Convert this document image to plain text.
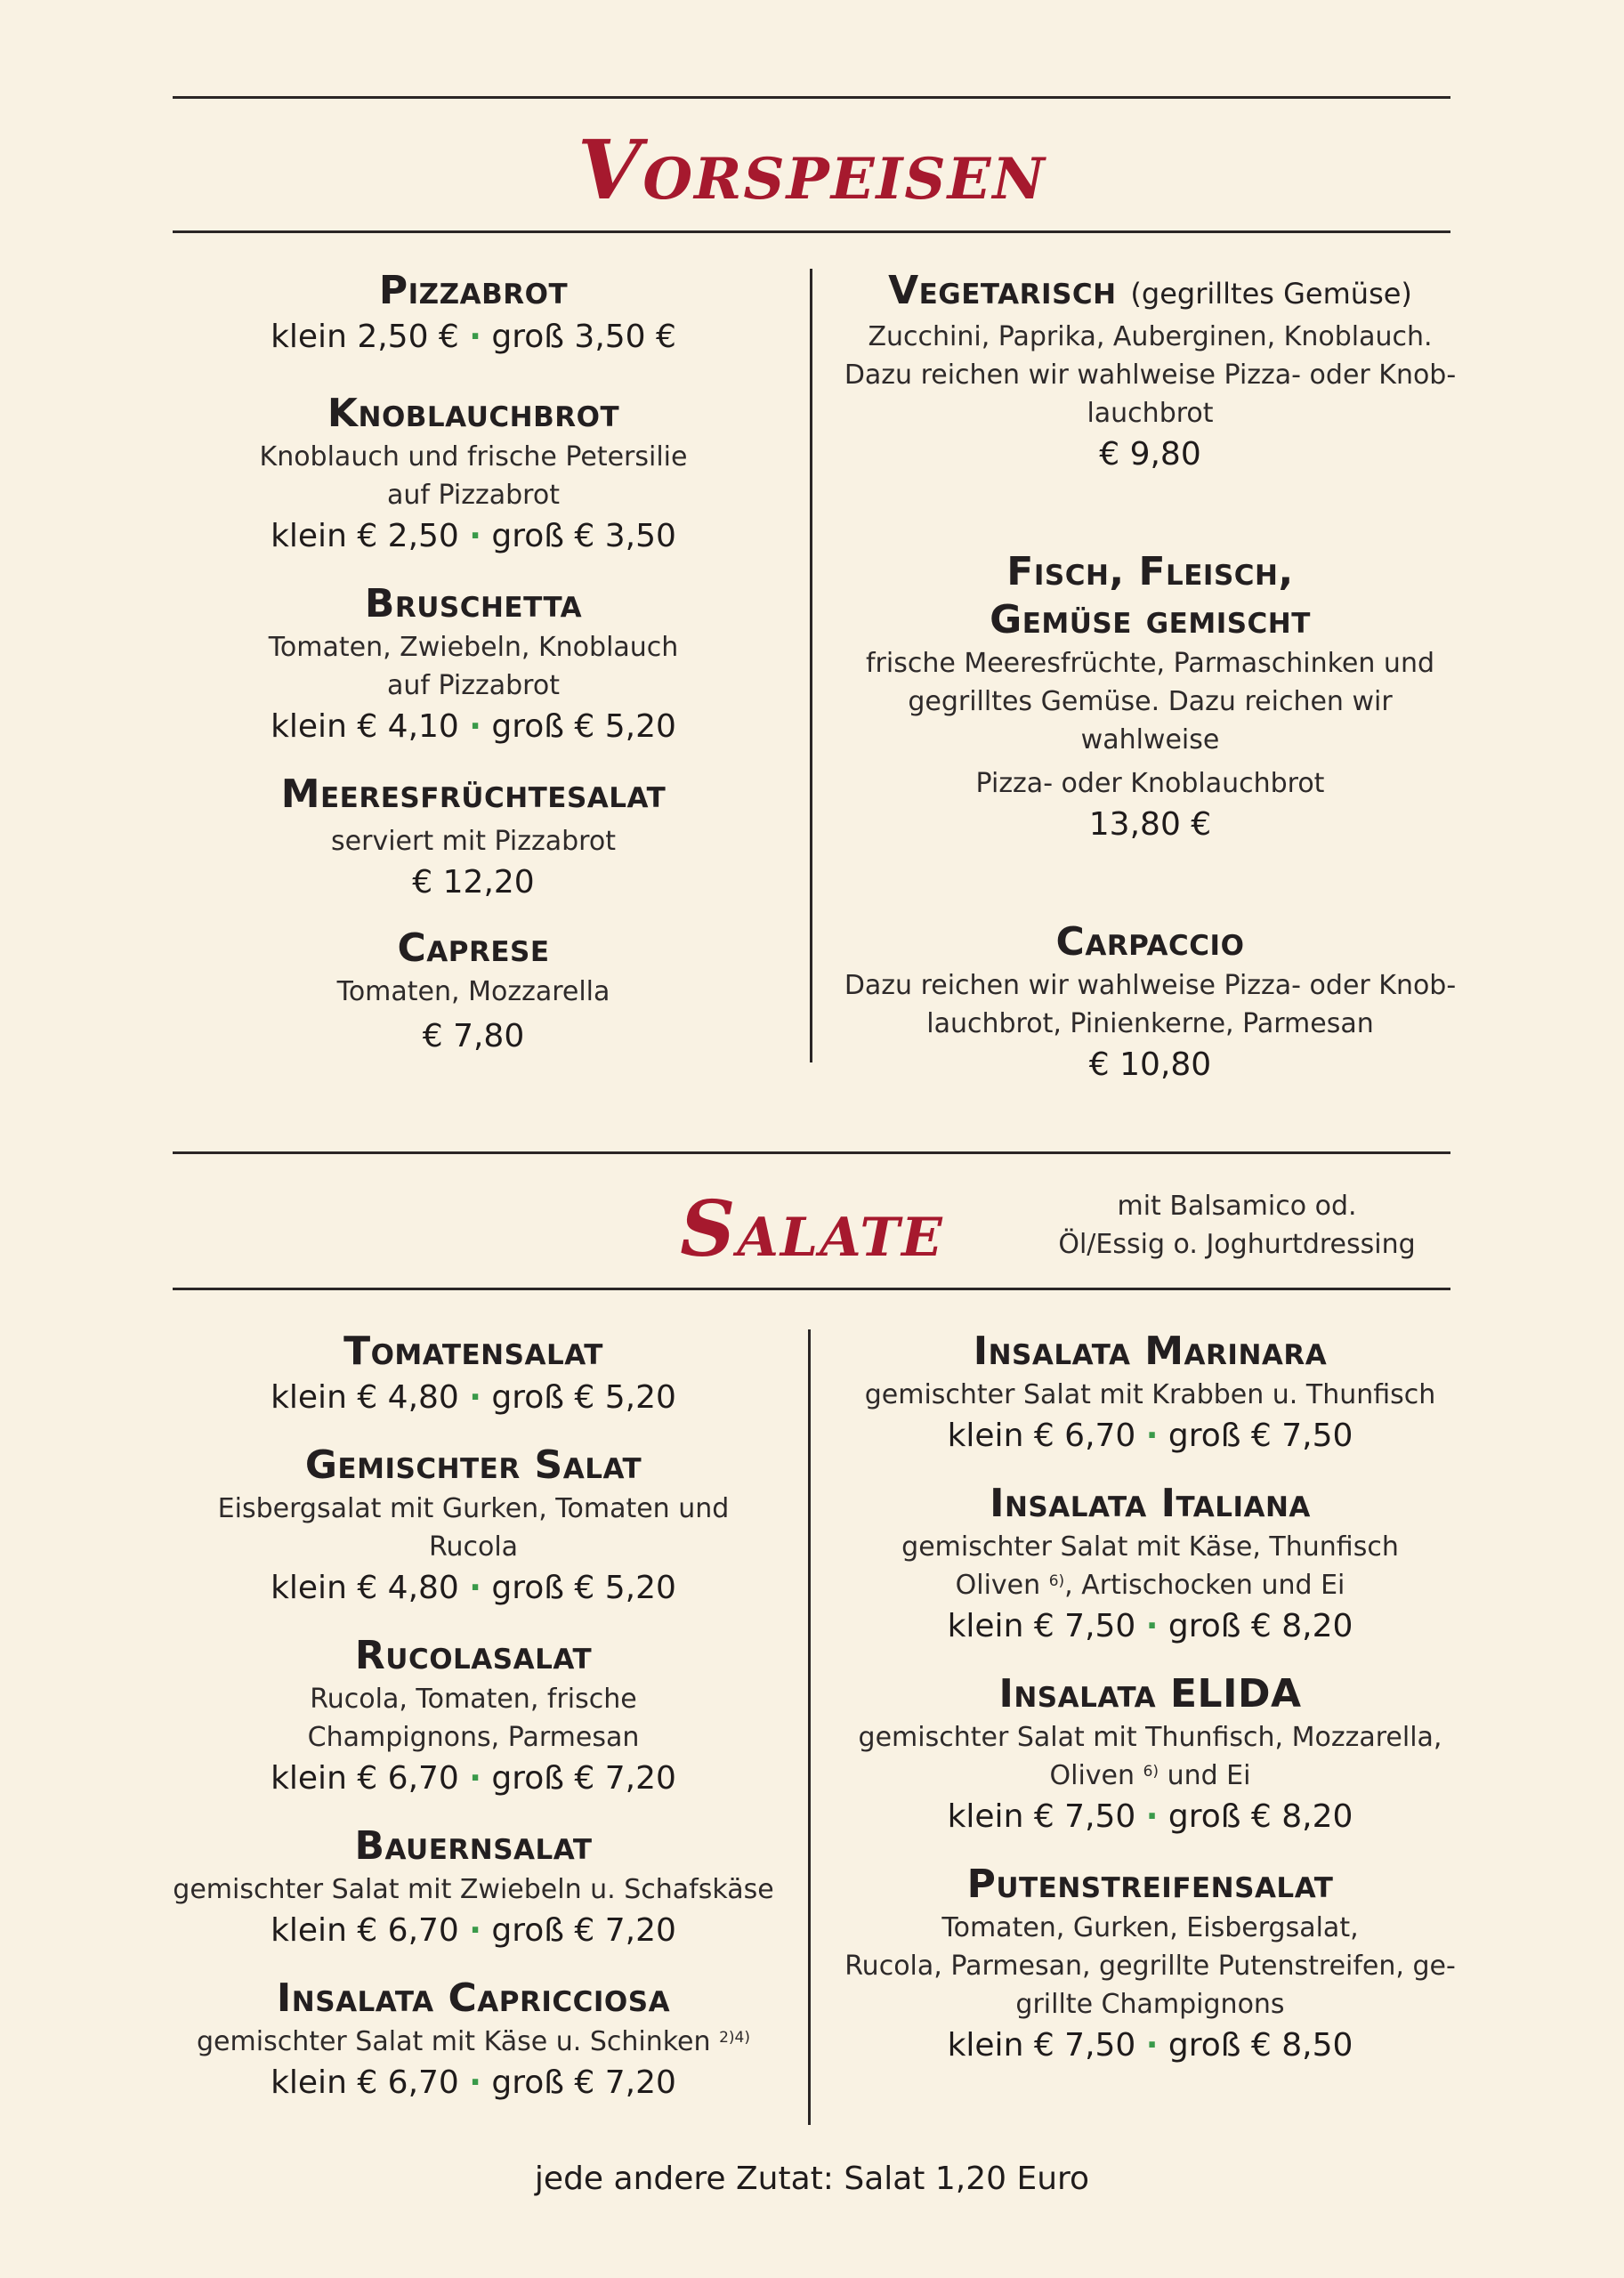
Vorspeisen
Pizzabrot
klein 2,50 € · groß 3,50 €
Knoblauchbrot
Knoblauch und frische Petersilie
auf Pizzabrot
klein € 2,50 · groß € 3,50
Bruschetta
Tomaten, Zwiebeln, Knoblauch
auf Pizzabrot
klein € 4,10 · groß € 5,20
Meeresfrüchtesalat
serviert mit Pizzabrot
€ 12,20
Caprese
Tomaten, Mozzarella
€ 7,80
Vegetarisch (gegrilltes Gemüse)
Zucchini, Paprika, Auberginen, Knoblauch.
Dazu reichen wir wahlweise Pizza- oder Knob-
lauchbrot
€ 9,80
Fisch, Fleisch,
Gemüse gemischt
frische Meeresfrüchte, Parmaschinken und
gegrilltes Gemüse. Dazu reichen wir wahlweise
Pizza- oder Knoblauchbrot
13,80 €
Carpaccio
Dazu reichen wir wahlweise Pizza- oder Knob-
lauchbrot, Pinienkerne, Parmesan
€ 10,80
Salate	mit Balsamico od.
Öl/Essig o. Joghurtdressing
Tomatensalat
klein € 4,80 · groß € 5,20
Gemischter Salat
Eisbergsalat mit Gurken, Tomaten und Rucola
klein € 4,80 · groß € 5,20
Rucolasalat
Rucola, Tomaten, frische
Champignons, Parmesan
klein € 6,70 · groß € 7,20
Bauernsalat
gemischter Salat mit Zwiebeln u. Schafskäse
klein € 6,70 · groß € 7,20
Insalata Capricciosa
gemischter Salat mit Käse u. Schinken $^{2)4)}$
klein € 6,70 · groß € 7,20
Insalata Marinara
gemischter Salat mit Krabben u. Thunfisch
klein € 6,70 · groß € 7,50
Insalata Italiana
gemischter Salat mit Käse, Thunfisch
Oliven $^{6)}$, Artischocken und Ei
klein € 7,50 · groß € 8,20
Insalata ELIDA
gemischter Salat mit Thunfisch, Mozzarella,
Oliven $^{6)}$ und Ei
klein € 7,50 · groß € 8,20
Putenstreifensalat
Tomaten, Gurken, Eisbergsalat,
Rucola, Parmesan, gegrillte Putenstreifen, ge-
grillte Champignons
klein € 7,50 · groß € 8,50
jede andere Zutat: Salat 1,20 Euro
